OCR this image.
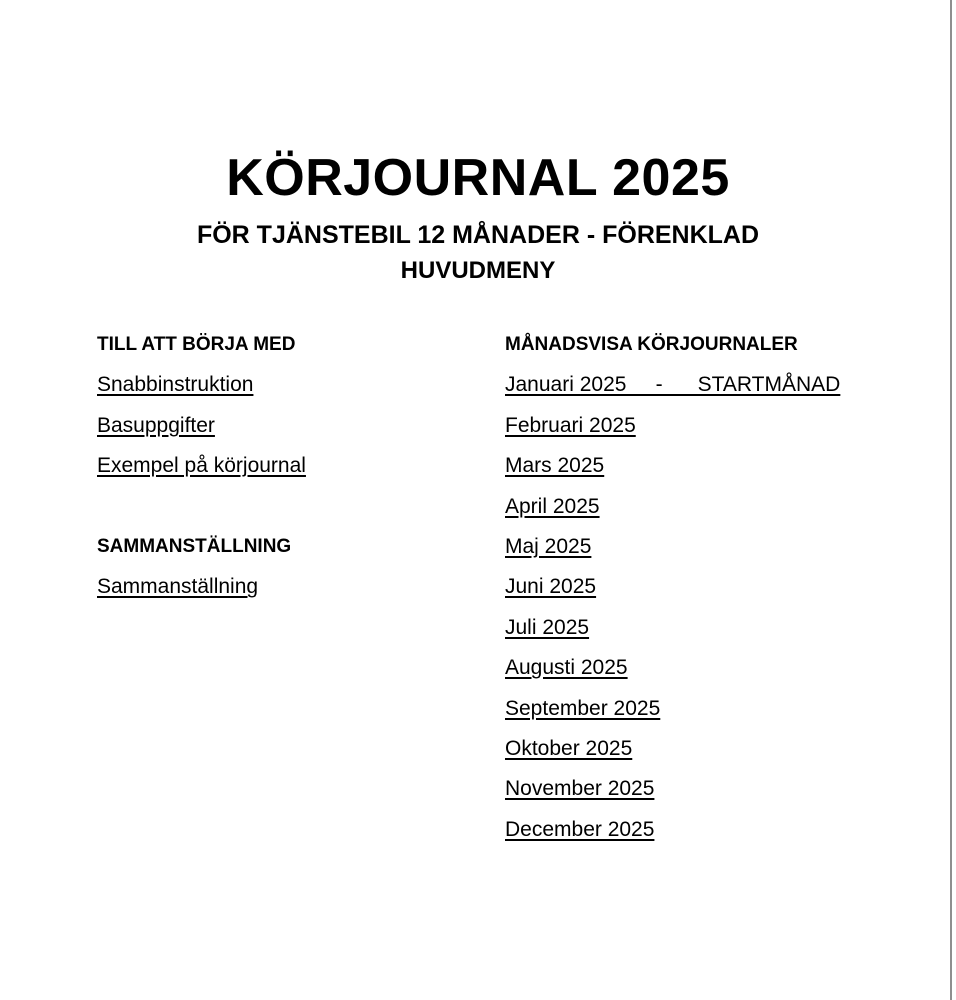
KÖRJOURNAL 2025
FÖR TJÄNSTEBIL 12 MÅNADER - FÖRENKLAD
HUVUDMENY
TILL ATT BÖRJA MED
Snabbinstruktion
Basuppgifter
Exempel på körjournal
SAMMANSTÄLLNING
Sammanställning
MÅNADSVISA KÖRJOURNALER
Januari 2025     -      STARTMÅNAD
Februari 2025
Mars 2025
April 2025
Maj 2025
Juni 2025
Juli 2025
Augusti 2025
September 2025
Oktober 2025
November 2025
December 2025
